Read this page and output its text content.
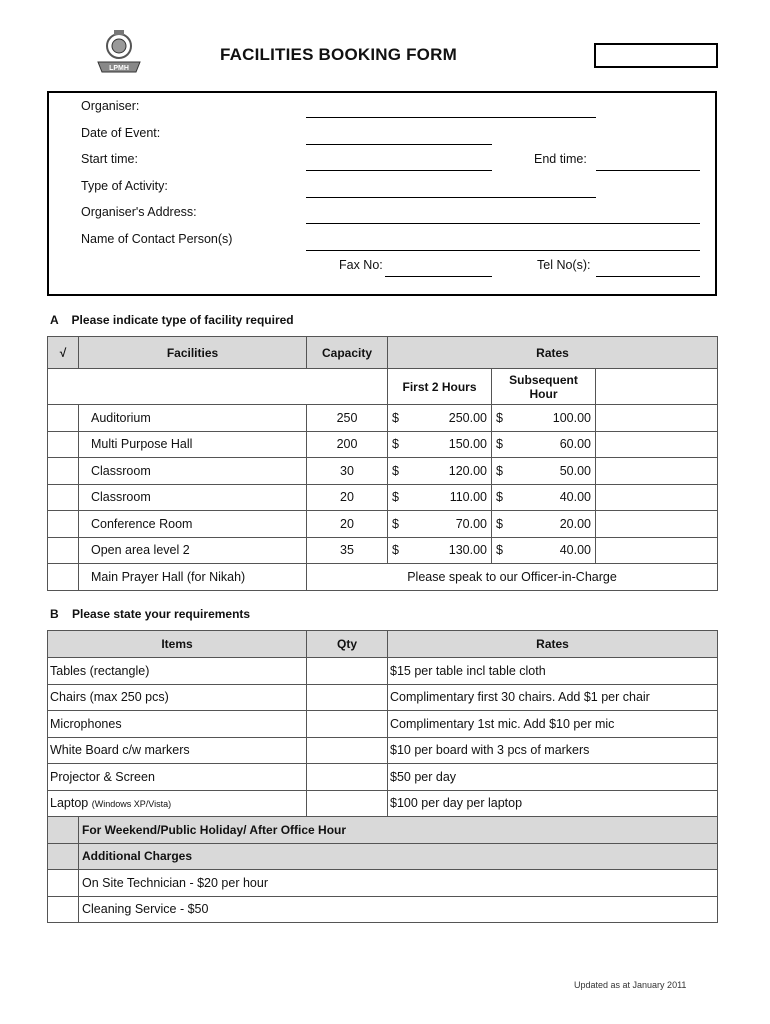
LPMH
FACILITIES BOOKING FORM
Organiser:
Date of Event:
Start time:	End time:
Type of Activity:
Organiser's Address:
Name of Contact Person(s)
Fax No:	Tel No(s):
A    Please indicate type of facility required
√	Facilities	Capacity	Rates		
			First 2 Hours	Subsequent Hour	
	Auditorium	250	$ 250.00	$ 100.00	

	Multi Purpose Hall	200	$ 150.00	$ 60.00	

	Classroom	30	$ 120.00	$ 50.00	

	Classroom	20	$ 110.00	$ 40.00	

	Conference Room	20	$ 70.00	$ 20.00	

	Open area level 2	35	$ 130.00	$ 40.00	

	Main Prayer Hall (for Nikah)	Please speak to our Officer-in-Charge			
B    Please state your requirements
Items		Qty	Rates
Tables (rectangle)			$15 per table incl table cloth
Chairs (max 250 pcs)			Complimentary first 30 chairs. Add $1 per chair
Microphones			Complimentary 1st mic. Add $10 per mic
White Board c/w markers			$10 per board with 3 pcs of markers
Projector & Screen			$50 per day
Laptop (Windows XP/Vista)			$100 per day per laptop
	For Weekend/Public Holiday/ After Office Hour		
	Additional Charges		
	On Site Technician - $20 per hour		
	Cleaning Service - $50		
Updated as at January 2011
